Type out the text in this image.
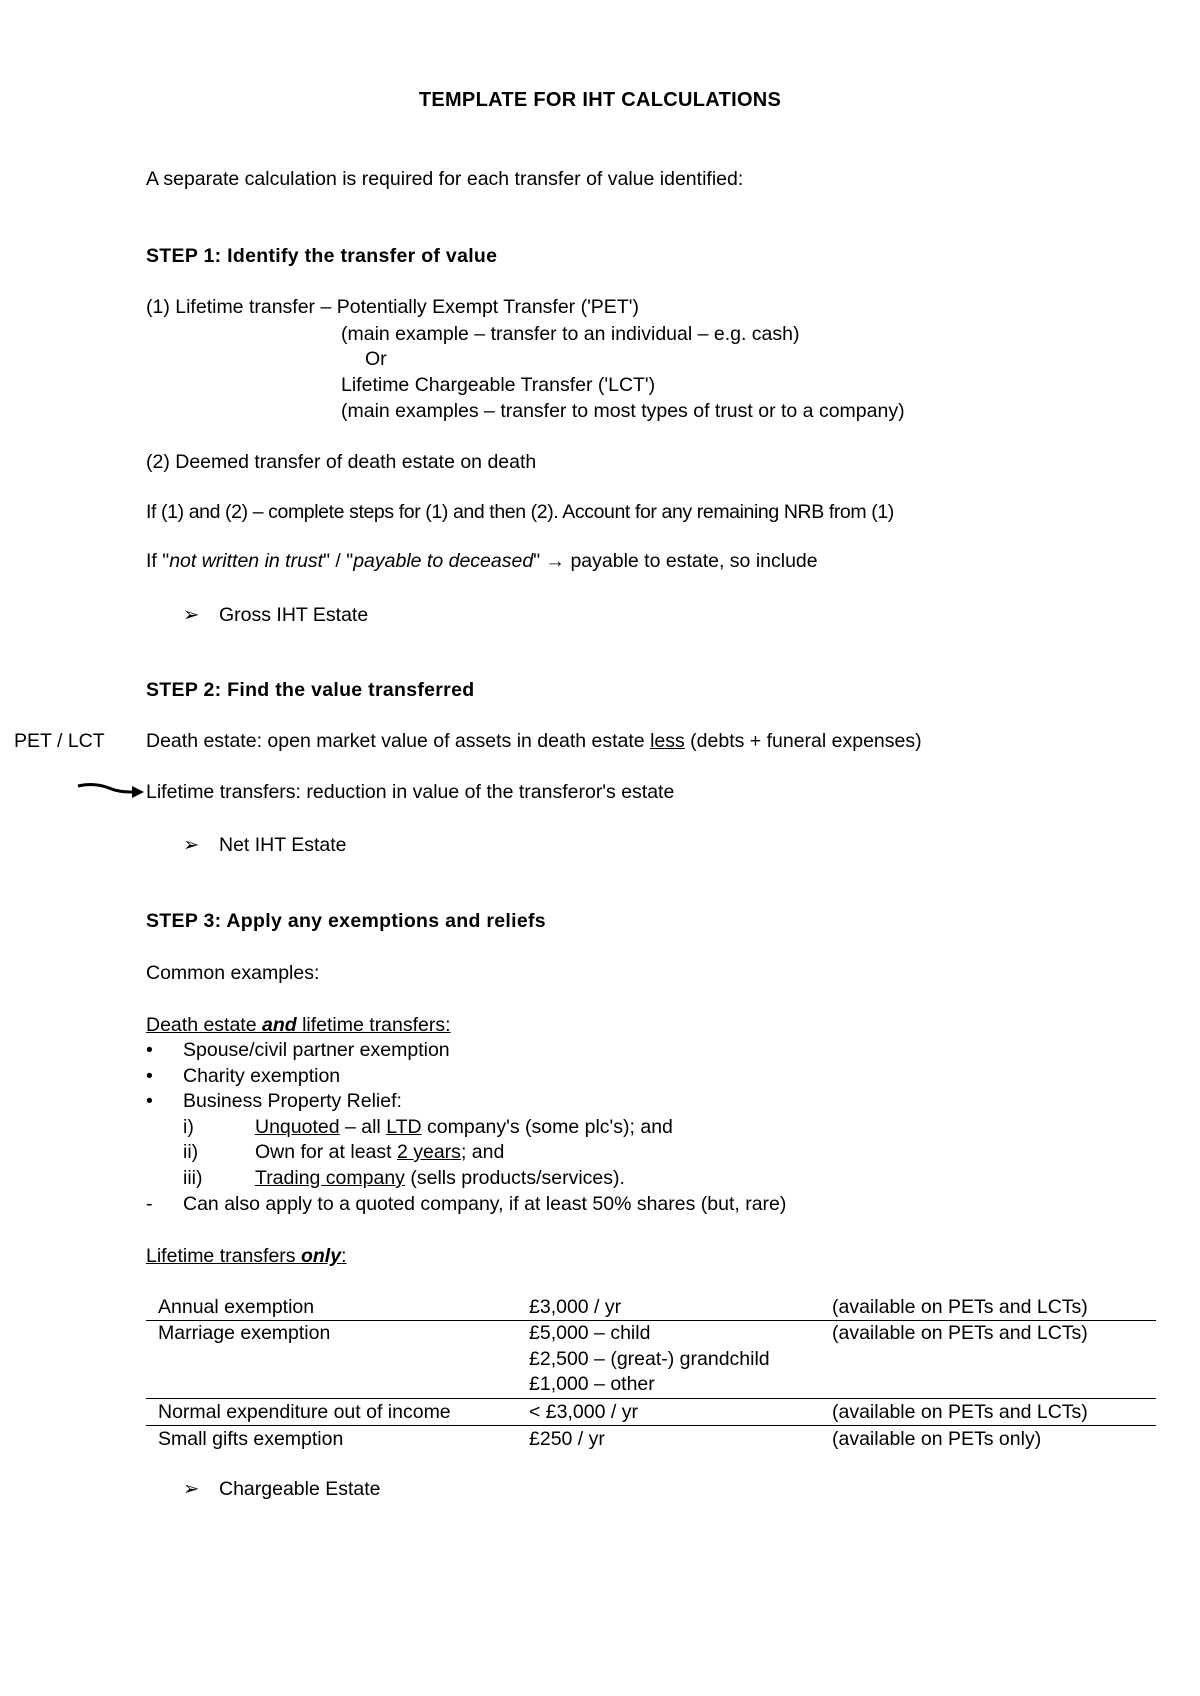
TEMPLATE FOR IHT CALCULATIONS
A separate calculation is required for each transfer of value identified:
STEP 1: Identify the transfer of value
(1) Lifetime transfer – Potentially Exempt Transfer ('PET')
(main example – transfer to an individual – e.g. cash)
Or
Lifetime Chargeable Transfer ('LCT')
(main examples – transfer to most types of trust or to a company)
(2) Deemed transfer of death estate on death
If (1) and (2) – complete steps for (1) and then (2). Account for any remaining NRB from (1)
If "not written in trust" / "payable to deceased" → payable to estate, so include
➢ Gross IHT Estate
STEP 2: Find the value transferred
PET / LCT Death estate: open market value of assets in death estate less (debts + funeral expenses)
Lifetime transfers: reduction in value of the transferor's estate
➢ Net IHT Estate
STEP 3: Apply any exemptions and reliefs
Common examples:
Death estate and lifetime transfers:
• Spouse/civil partner exemption
• Charity exemption
• Business Property Relief:
i)	Unquoted – all LTD company's (some plc's); and
ii)	Own for at least 2 years; and
iii)	Trading company (sells products/services).
- Can also apply to a quoted company, if at least 50% shares (but, rare)
Lifetime transfers only:
Annual exemption	£3,000 / yr	(available on PETs and LCTs)
Marriage exemption	£5,000 – child	(available on PETs and LCTs)
£2,500 – (great-) grandchild
£1,000 – other
Normal expenditure out of income	< £3,000 / yr	(available on PETs and LCTs)
Small gifts exemption	£250 / yr	(available on PETs only)
➢ Chargeable Estate
